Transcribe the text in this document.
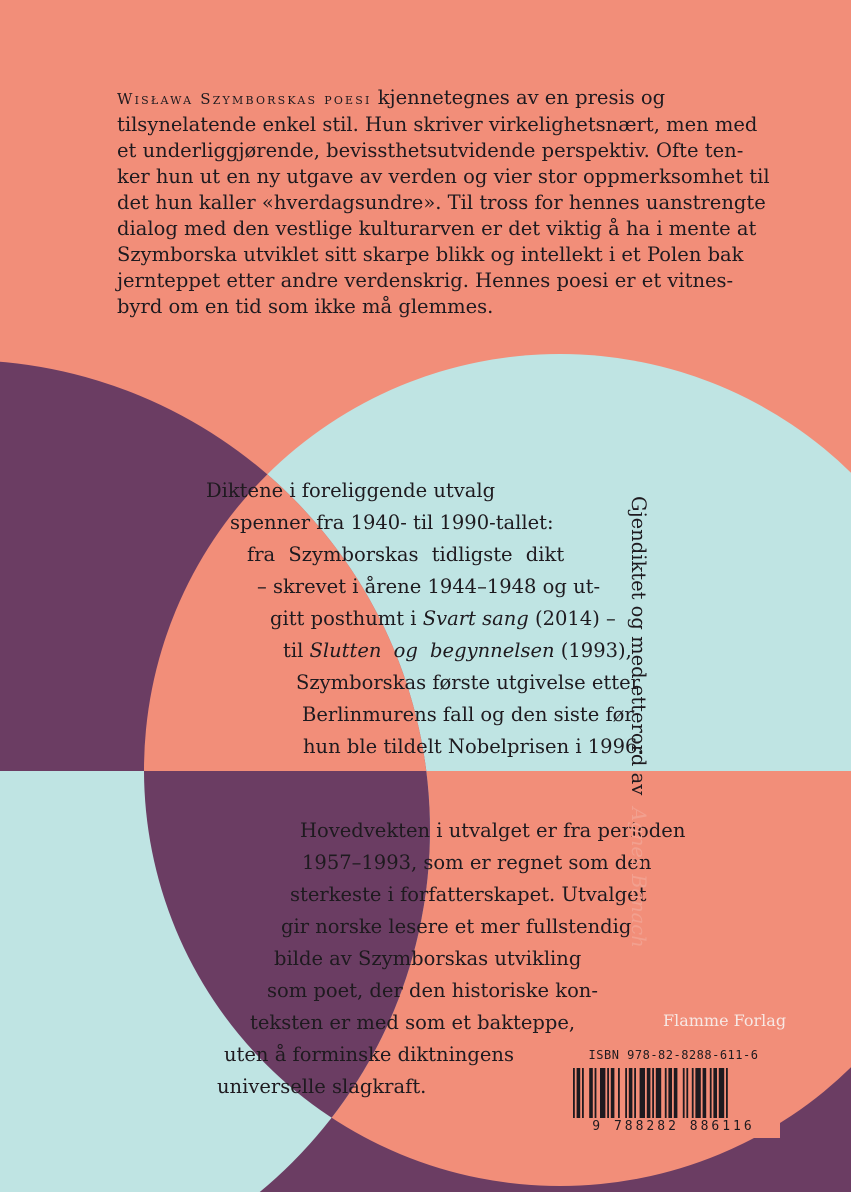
Wisława Szymborskas poesi kjennetegnes av en presis og
tilsynelatende enkel stil. Hun skriver virkelighetsnært, men med
et underliggjørende, bevissthetsutvidende perspektiv. Ofte ten-
ker hun ut en ny utgave av verden og vier stor oppmerksomhet til
det hun kaller «hverdagsundre». Til tross for hennes uanstrengte
dialog med den vestlige kulturarven er det viktig å ha i mente at
Szymborska utviklet sitt skarpe blikk og intellekt i et Polen bak
jernteppet etter andre verdenskrig. Hennes poesi er et vitnes-
byrd om en tid som ikke må glemmes.
Diktene i foreliggende utvalg
spenner fra 1940- til 1990-tallet:
fra Szymborskas tidligste dikt
– skrevet i årene 1944–1948 og ut-
gitt posthumt i Svart sang (2014) –
til Slutten og begynnelsen (1993),
Szymborskas første utgivelse etter
Berlinmurens fall og den siste før
hun ble tildelt Nobelprisen i 1996.
Hovedvekten i utvalget er fra perioden
1957–1993, som er regnet som den
sterkeste i forfatterskapet. Utvalget
gir norske lesere et mer fullstendig
bilde av Szymborskas utvikling
som poet, der den historiske kon-
teksten er med som et bakteppe,
uten å forminske diktningens
universelle slagkraft.
Gjendiktet og med etterord avAgnes Banach
Flamme Forlag
ISBN 978-82-8288-611-6
9 788282 886116
